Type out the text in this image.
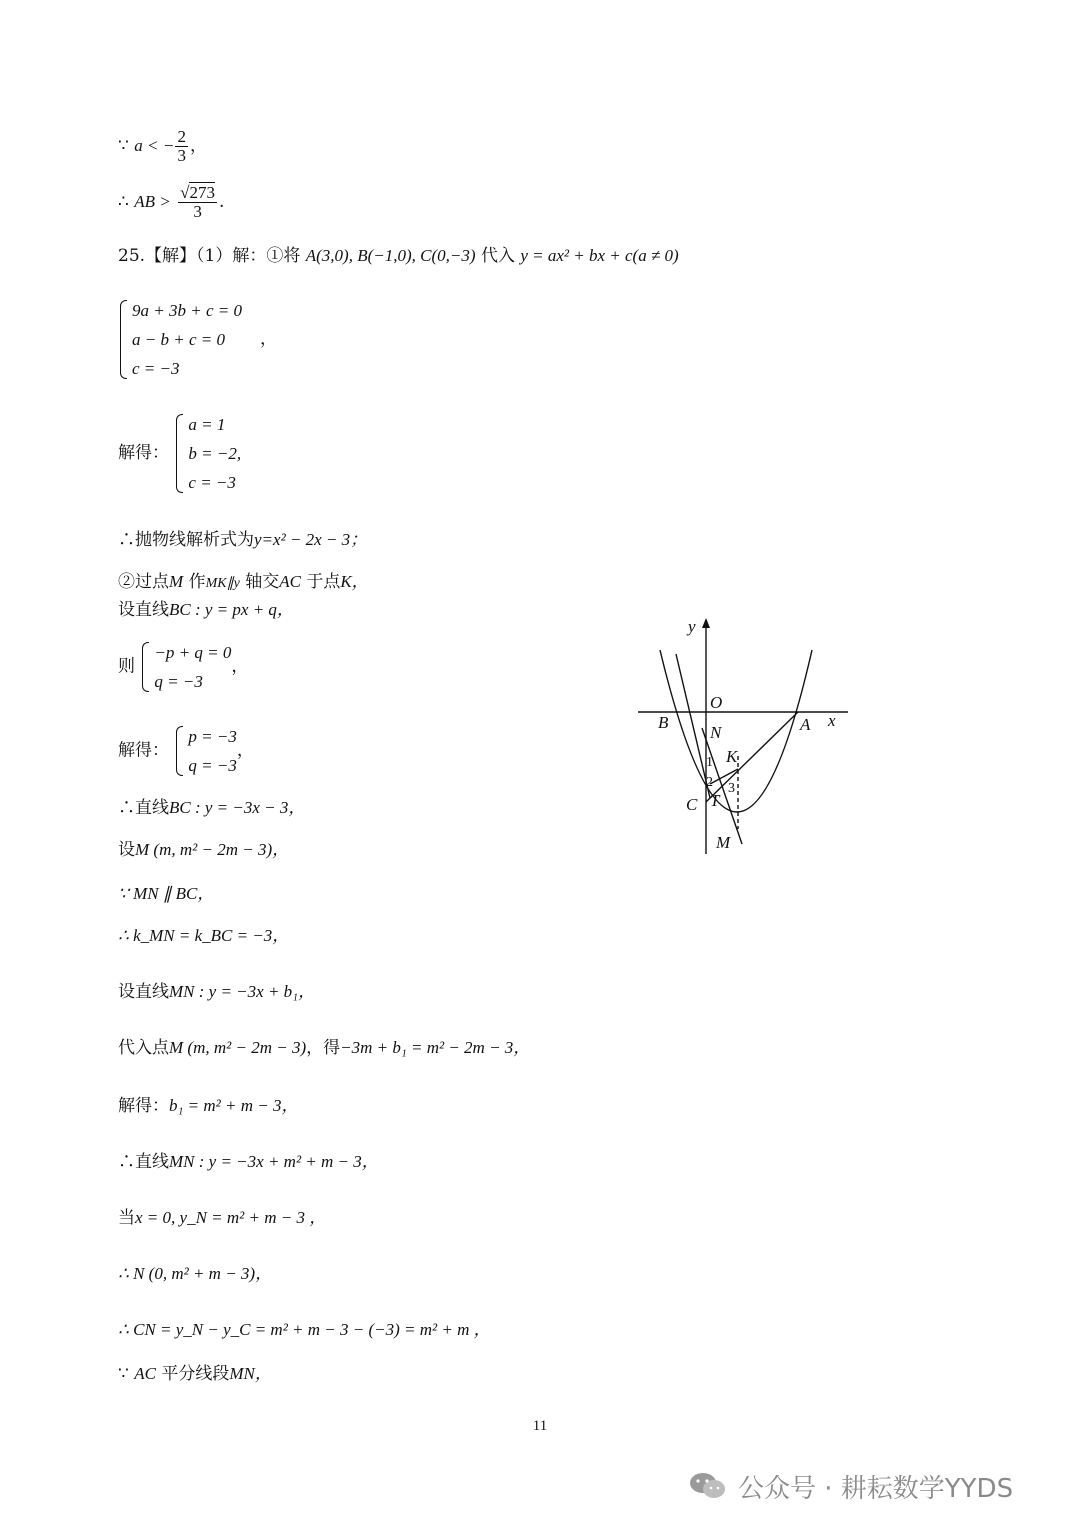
∵ a < − $\frac{2}{3}$ ，
∴ AB > $\frac{√273}{3}$ .
25.【解】（1）解：①将 A(3,0), B(−1,0), C(0,−3) 代入 y = ax² + bx + c(a ≠ 0)
9a + 3b + c = 0
a − b + c = 0
c = −3
，
解得：
a = 1
b = −2,
c = −3
∴抛物线解析式为y=x² − 2x − 3；
②过点M 作MK∥y 轴交AC 于点K，
设直线BC : y = px + q，
则
−p + q = 0
q = −3
，
解得：
p = −3
q = −3
，
∴直线BC : y = −3x − 3，
设M (m, m² − 2m − 3)，
∵ MN ∥ BC，
∴ k_MN = k_BC = −3，
设直线MN : y = −3x + b₁，
代入点M (m, m² − 2m − 3)，得−3m + b₁ = m² − 2m − 3，
解得：b₁ = m² + m − 3，
∴直线MN : y = −3x + m² + m − 3，
当x = 0, y_N = m² + m − 3 ，
∴ N (0, m² + m − 3)，
∴ CN = y_N − y_C = m² + m − 3 − (−3) = m² + m ，
∵ AC 平分线段MN，
y
x
O
B	A
N
K
1
2 3
C T
M
11
公众号 · 耕耘数学YYDS
